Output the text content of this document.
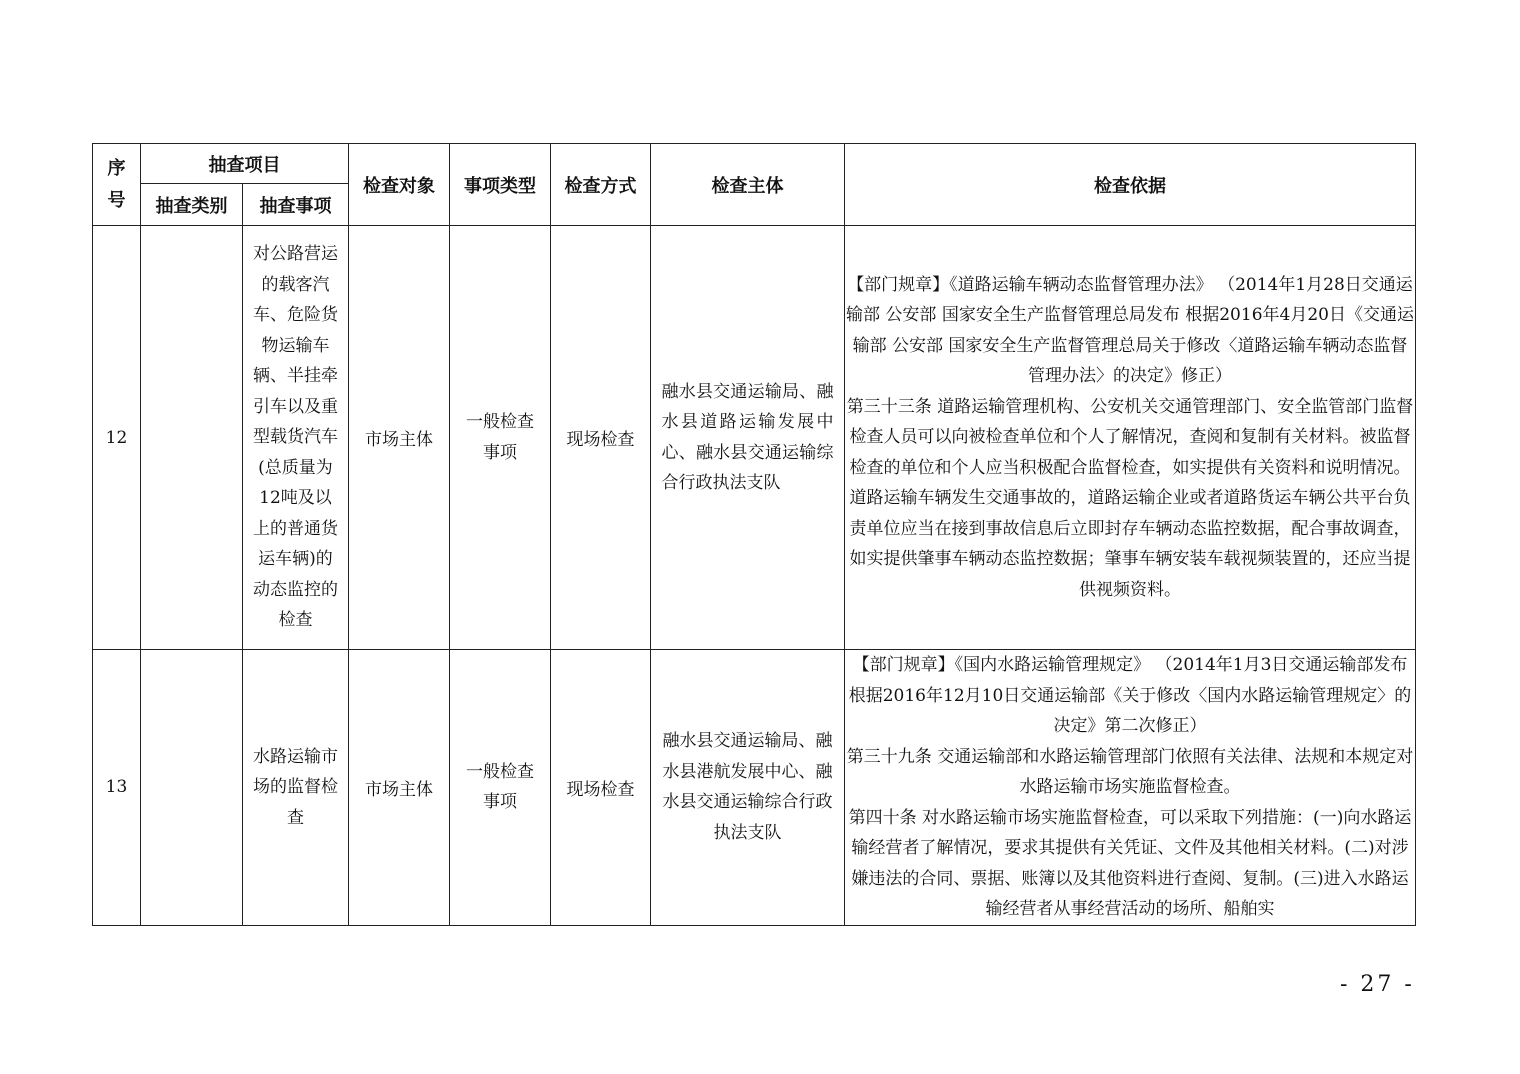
序号	抽查项目		检查对象	事项类型	检查方式	检查主体	检查依据
	抽查类别	抽查事项					
12		对公路营运的载客汽车、危险货物运输车辆、半挂牵引车以及重型载货汽车(总质量为12吨及以上的普通货运车辆)的动态监控的检查	市场主体	一般检查事项	现场检查	融水县交通运输局、融水县道路运输发展中心、融水县交通运输综合行政执法支队	【部门规章】《道路运输车辆动态监督管理办法》 （2014年1月28日交通运输部 公安部 国家安全生产监督管理总局发布 根据2016年4月20日《交通运输部 公安部 国家安全生产监督管理总局关于修改〈道路运输车辆动态监督管理办法〉的决定》修正）

第三十三条 道路运输管理机构、公安机关交通管理部门、安全监管部门监督检查人员可以向被检查单位和个人了解情况，查阅和复制有关材料。被监督检查的单位和个人应当积极配合监督检查，如实提供有关资料和说明情况。

道路运输车辆发生交通事故的，道路运输企业或者道路货运车辆公共平台负责单位应当在接到事故信息后立即封存车辆动态监控数据，配合事故调查，如实提供肇事车辆动态监控数据；肇事车辆安装车载视频装置的，还应当提供视频资料。

13		水路运输市场的监督检查	市场主体	一般检查事项	现场检查	融水县交通运输局、融水县港航发展中心、融水县交通运输综合行政执法支队	【部门规章】《国内水路运输管理规定》 （2014年1月3日交通运输部发布 根据2016年12月10日交通运输部《关于修改〈国内水路运输管理规定〉的决定》第二次修正）

第三十九条 交通运输部和水路运输管理部门依照有关法律、法规和本规定对水路运输市场实施监督检查。

第四十条 对水路运输市场实施监督检查，可以采取下列措施：(一)向水路运输经营者了解情况，要求其提供有关凭证、文件及其他相关材料。(二)对涉嫌违法的合同、票据、账簿以及其他资料进行查阅、复制。(三)进入水路运输经营者从事经营活动的场所、船舶实

- 27 -
